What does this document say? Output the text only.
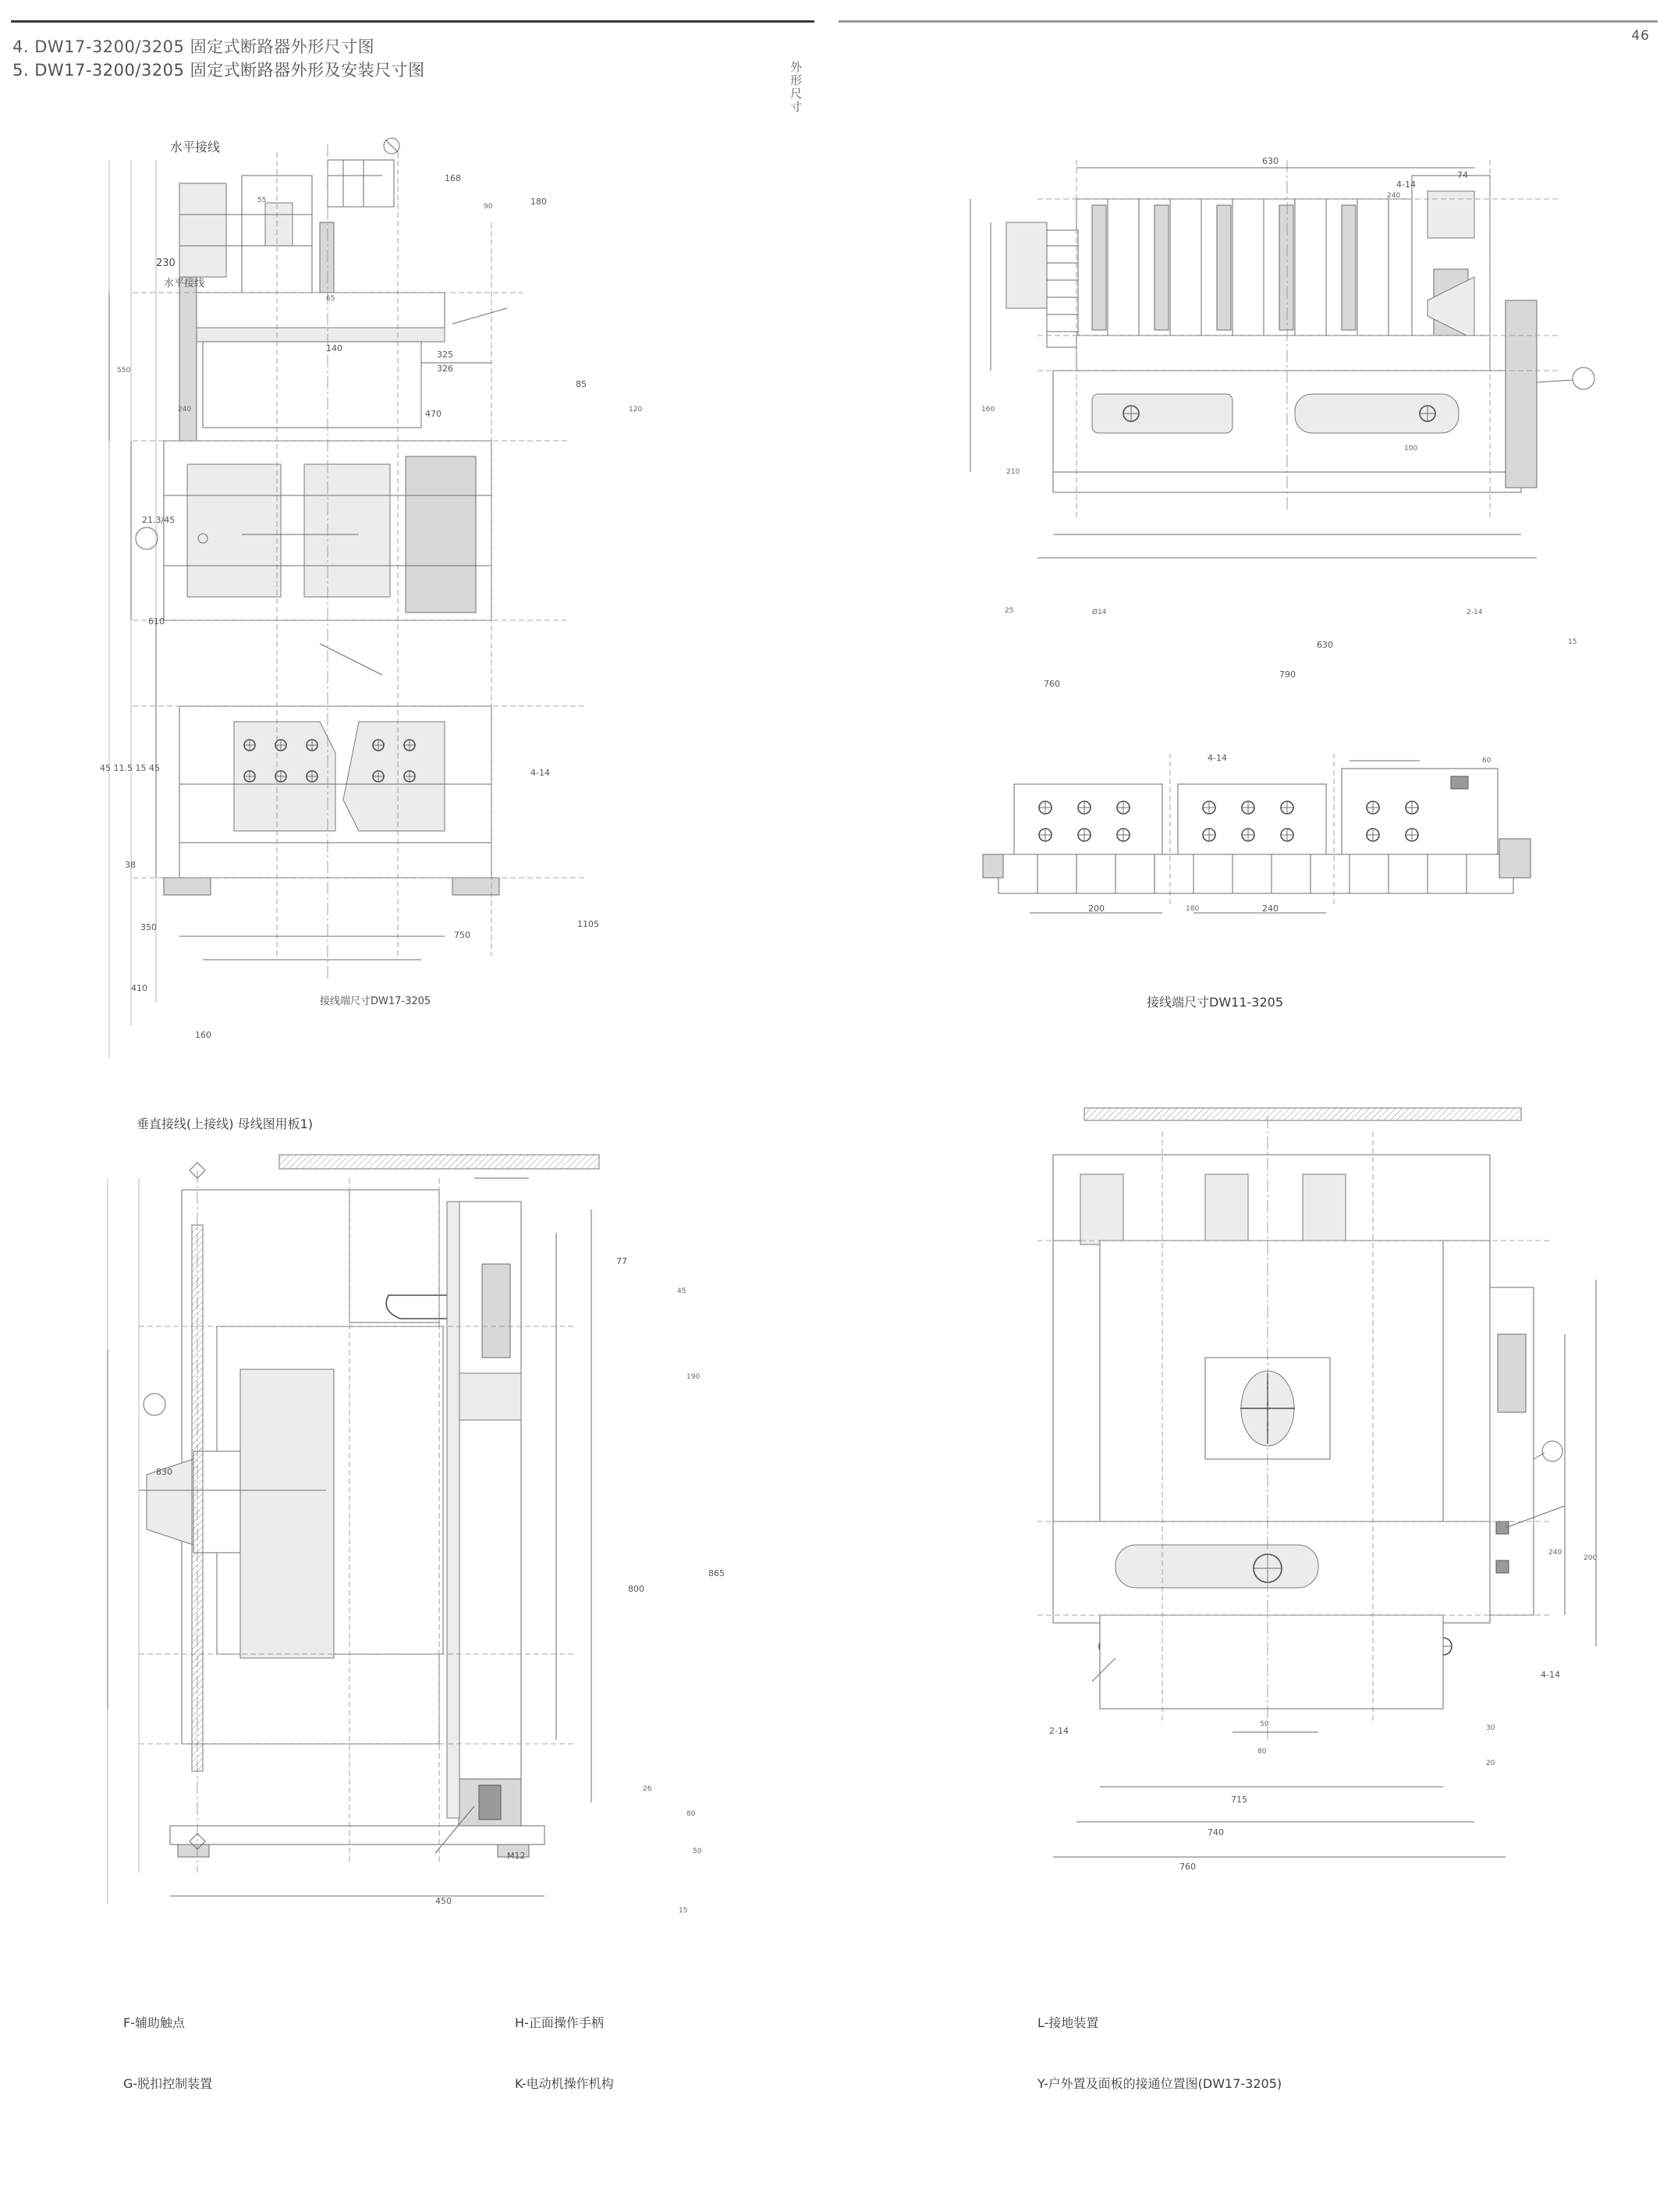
46
4. DW17-3200/3205 固定式断路器外形尺寸图
5. DW17-3200/3205 固定式断路器外形及安装尺寸图	外形尺寸
水平接线
230
168
180
470
21.3/45
610
45 11.5 15 45
38
350
410
160
140
85
325
326
4-14
750
1105
65
55
90
550
240	120
水平接线
接线端尺寸DW17-3205
垂直接线(上接线) 母线图用板1)
630
74
4-14
630
790
760
160
25
100
210
240
2-14
Ø14
15
4-14
200	240
180
60
接线端尺寸DW11-3205
77
45
190
865
800
830
80
50
M12
26
450
15
4-14
2-14
50
80
240
200
715
740
760
30
20
F-辅助触点
G-脱扣控制装置
H-正面操作手柄
K-电动机操作机构
L-接地装置
Y-户外置及面板的接通位置图(DW17-3205)
